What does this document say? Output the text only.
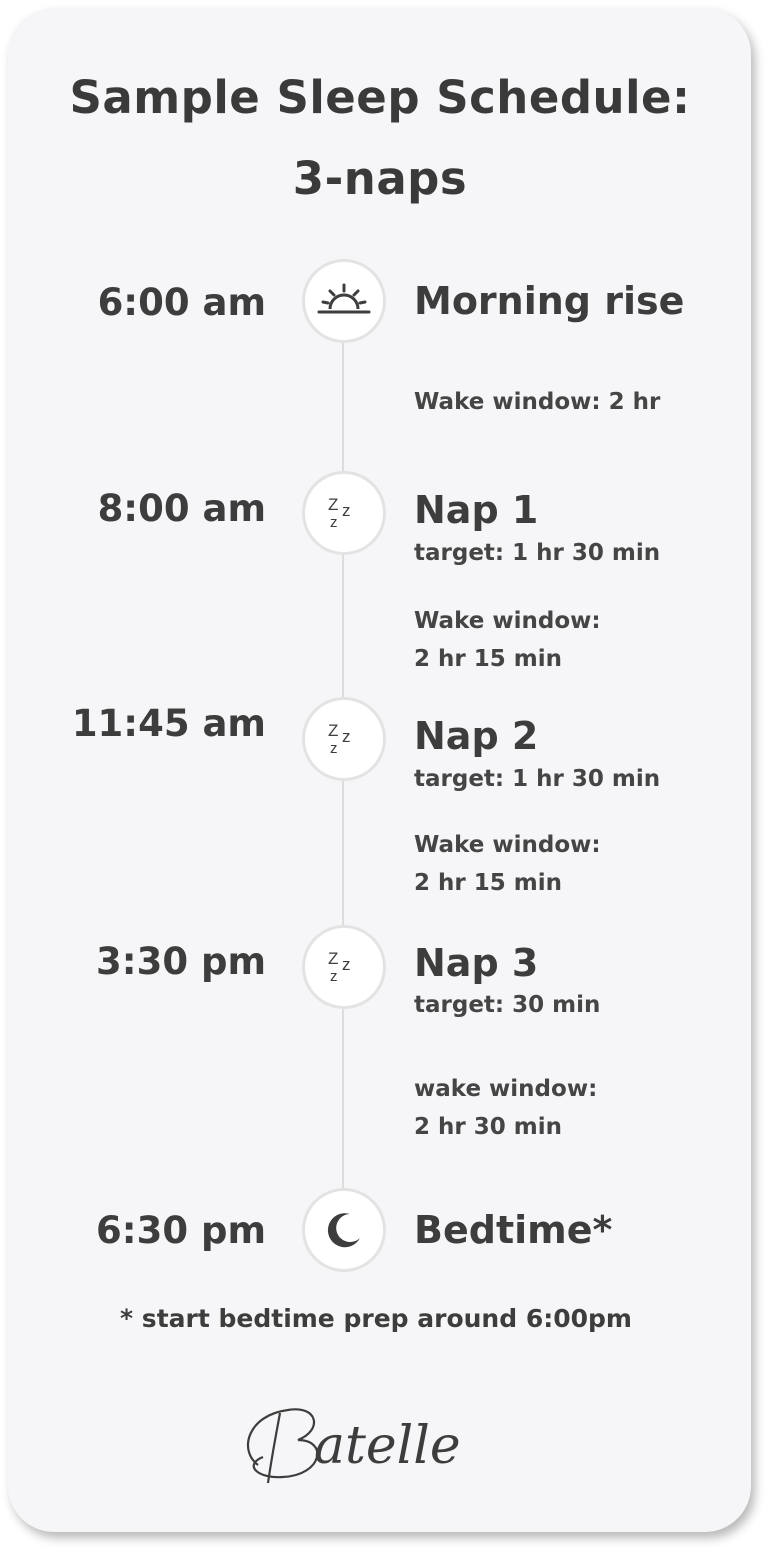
Sample Sleep Schedule:
3-naps
6:00 am	Morning rise
Wake window: 2 hr
8:00 am	Z z
z Nap 1
target: 1 hr 30 min
Wake window:
2 hr 15 min
11:45 am	Z z
z Nap 2
target: 1 hr 30 min
Wake window:
2 hr 15 min
3:30 pm	Z z
z Nap 3
target: 30 min
wake window:
2 hr 30 min
6:30 pm	Bedtime*
* start bedtime prep around 6:00pm
atelle
